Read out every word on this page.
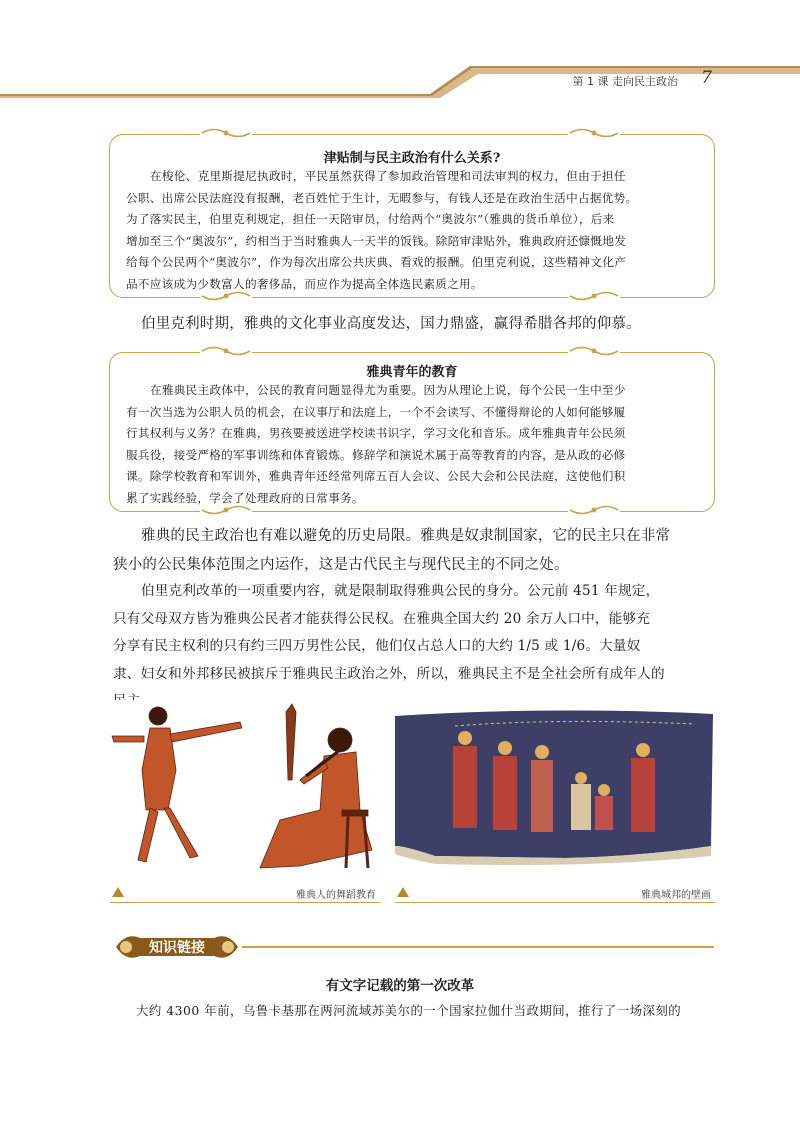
第 1 课 走向民主政治 7
津贴制与民主政治有什么关系?

在梭伦、克里斯提尼执政时，平民虽然获得了参加政治管理和司法审判的权力，但由于担任

公职、出席公民法庭没有报酬，老百姓忙于生计，无暇参与，有钱人还是在政治生活中占据优势。
为了落实民主，伯里克利规定，担任一天陪审员，付给两个“奥波尔”（雅典的货币单位），后来
增加至三个“奥波尔”，约相当于当时雅典人一天半的饭钱。除陪审津贴外，雅典政府还慷慨地发
给每个公民两个“奥波尔”，作为每次出席公共庆典、看戏的报酬。伯里克利说，这些精神文化产
品不应该成为少数富人的奢侈品，而应作为提高全体选民素质之用。

伯里克利时期，雅典的文化事业高度发达，国力鼎盛，赢得希腊各邦的仰慕。

雅典青年的教育

在雅典民主政体中，公民的教育问题显得尤为重要。因为从理论上说，每个公民一生中至少

有一次当选为公职人员的机会，在议事厅和法庭上，一个不会读写、不懂得辩论的人如何能够履
行其权利与义务？在雅典，男孩要被送进学校读书识字，学习文化和音乐。成年雅典青年公民须
服兵役，接受严格的军事训练和体育锻炼。修辞学和演说术属于高等教育的内容，是从政的必修
课。除学校教育和军训外，雅典青年还经常列席五百人会议、公民大会和公民法庭，这使他们积
累了实践经验，学会了处理政府的日常事务。

雅典的民主政治也有难以避免的历史局限。雅典是奴隶制国家，它的民主只在非常

狭小的公民集体范围之内运作，这是古代民主与现代民主的不同之处。

伯里克利改革的一项重要内容，就是限制取得雅典公民的身分。公元前 451 年规定，

只有父母双方皆为雅典公民者才能获得公民权。在雅典全国大约 20 余万人口中，能够充
分享有民主权利的只有约三四万男性公民，他们仅占总人口的大约 1/5 或 1/6。大量奴
隶、妇女和外邦移民被摈斥于雅典民主政治之外，所以，雅典民主不是全社会所有成年人的
民主。
雅典人的舞蹈教育	雅典城邦的壁画
知识链接
有文字记载的第一次改革
大约 4300 年前，乌鲁卡基那在两河流域苏美尔的一个国家拉伽什当政期间，推行了一场深刻的
